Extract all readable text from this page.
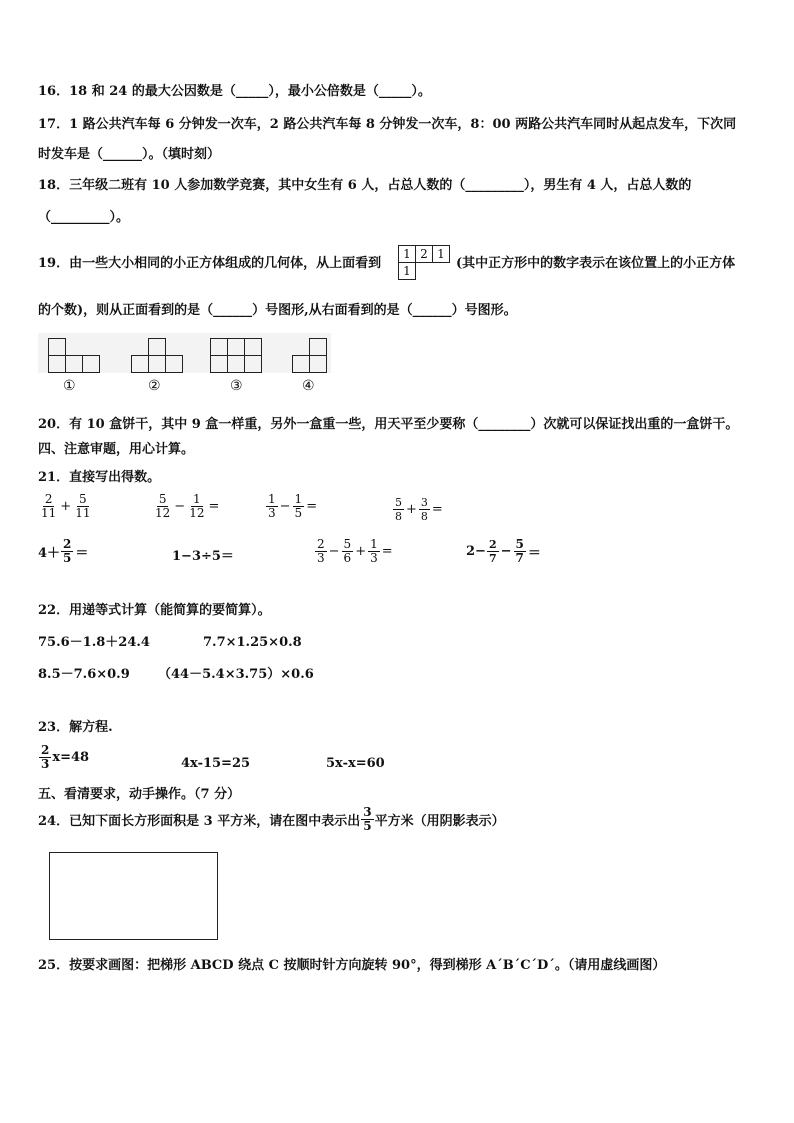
16．18 和 24 的最大公因数是（_____），最小公倍数是（_____）。
17．1 路公共汽车每 6 分钟发一次车，2 路公共汽车每 8 分钟发一次车，8：00 两路公共汽车同时从起点发车，下次同
时发车是（______）。（填时刻）
18．三年级二班有 10 人参加数学竞赛，其中女生有 6 人，占总人数的（_________），男生有 4 人，占总人数的
（_________）。
19．由一些大小相同的小正方体组成的几何体，从上面看到
1 2 1
1	(其中正方形中的数字表示在该位置上的小正方体
的个数)，则从正面看到的是（______）号图形,从右面看到的是（______）号图形。
①	②	③	④
20．有 10 盒饼干，其中 9 盒一样重，另外一盒重一些，用天平至少要称（________）次就可以保证找出重的一盒饼干。
四、注意审题，用心计算。
21．直接写出得数。
$\frac{2}{11} + \frac{5}{11}$	$\frac{5}{12} - \frac{1}{12}$ =	$\frac{1}{3} - \frac{1}{5}$ =	$\frac{5}{8} + \frac{3}{8}$ =
$4+ \frac{2}{5}$ ＝	1−3÷5＝	$\frac{2}{3} - \frac{5}{6} + \frac{1}{3}$ =	$2- \frac{2}{7} - \frac{5}{7}$ ＝
22．用递等式计算（能简算的要简算）。
75.6－1.8＋24.4	7.7×1.25×0.8
8.5－7.6×0.9 （44－5.4×3.75）×0.6
23．解方程.
$\frac{2}{3} x=48$	4x-15=25	5x-x=60
五、看清要求，动手操作。（7 分）
24．已知下面长方形面积是 3 平方米，请在图中表示出 $\frac{3}{5}$ 平方米（用阴影表示）
25．按要求画图：把梯形 ABCD 绕点 C 按顺时针方向旋转 90°，得到梯形 A´B´C´D´。（请用虚线画图）
